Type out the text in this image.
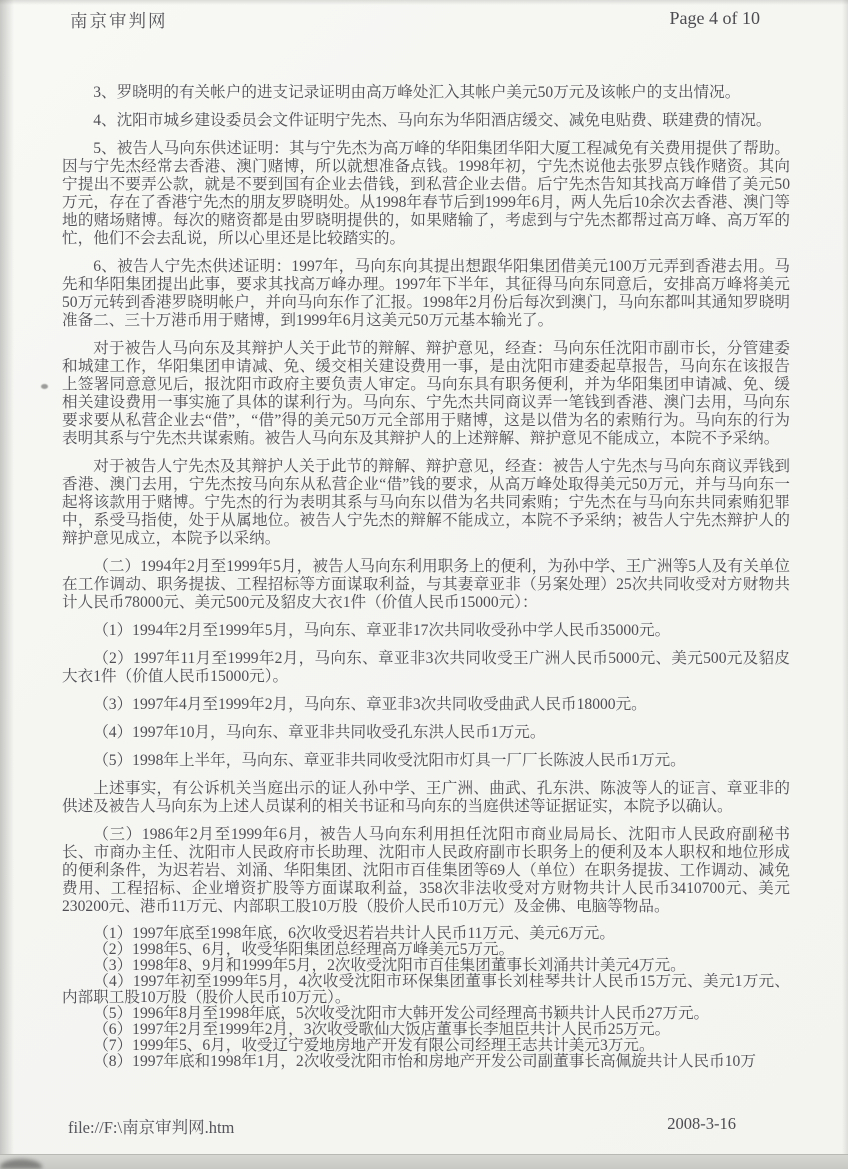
南京审判网	Page 4 of 10

3、罗晓明的有关帐户的进支记录证明由高万峰处汇入其帐户美元50万元及该帐户的支出情况。

4、沈阳市城乡建设委员会文件证明宁先杰、马向东为华阳酒店缓交、减免电贴费、联建费的情况。

5、被告人马向东供述证明：其与宁先杰为高万峰的华阳集团华阳大厦工程减免有关费用提供了帮助。因与宁先杰经常去香港、澳门赌博，所以就想准备点钱。1998年初，宁先杰说他去张罗点钱作赌资。其向宁提出不要弄公款，就是不要到国有企业去借钱，到私营企业去借。后宁先杰告知其找高万峰借了美元50万元，存在了香港宁先杰的朋友罗晓明处。从1998年春节后到1999年6月，两人先后10余次去香港、澳门等地的赌场赌博。每次的赌资都是由罗晓明提供的，如果赌输了，考虑到与宁先杰都帮过高万峰、高万军的忙，他们不会去乱说，所以心里还是比较踏实的。

6、被告人宁先杰供述证明：1997年，马向东向其提出想跟华阳集团借美元100万元弄到香港去用。马先和华阳集团提出此事，要求其找高万峰办理。1997年下半年，其征得马向东同意后，安排高万峰将美元50万元转到香港罗晓明帐户，并向马向东作了汇报。1998年2月份后每次到澳门，马向东都叫其通知罗晓明准备二、三十万港币用于赌博，到1999年6月这美元50万元基本输光了。

对于被告人马向东及其辩护人关于此节的辩解、辩护意见，经查：马向东任沈阳市副市长，分管建委和城建工作，华阳集团申请减、免、缓交相关建设费用一事，是由沈阳市建委起草报告，马向东在该报告上签署同意意见后，报沈阳市政府主要负责人审定。马向东具有职务便利，并为华阳集团申请减、免、缓相关建设费用一事实施了具体的谋利行为。马向东、宁先杰共同商议弄一笔钱到香港、澳门去用，马向东要求要从私营企业去“借”，“借”得的美元50万元全部用于赌博，这是以借为名的索贿行为。马向东的行为表明其系与宁先杰共谋索贿。被告人马向东及其辩护人的上述辩解、辩护意见不能成立，本院不予采纳。

对于被告人宁先杰及其辩护人关于此节的辩解、辩护意见，经查：被告人宁先杰与马向东商议弄钱到香港、澳门去用，宁先杰按马向东从私营企业“借”钱的要求，从高万峰处取得美元50万元，并与马向东一起将该款用于赌博。宁先杰的行为表明其系与马向东以借为名共同索贿；宁先杰在与马向东共同索贿犯罪中，系受马指使，处于从属地位。被告人宁先杰的辩解不能成立，本院不予采纳；被告人宁先杰辩护人的辩护意见成立，本院予以采纳。

（二）1994年2月至1999年5月，被告人马向东利用职务上的便利，为孙中学、王广洲等5人及有关单位在工作调动、职务提拔、工程招标等方面谋取利益，与其妻章亚非（另案处理）25次共同收受对方财物共计人民币78000元、美元500元及貂皮大衣1件（价值人民币15000元）：

（1）1994年2月至1999年5月，马向东、章亚非17次共同收受孙中学人民币35000元。

（2）1997年11月至1999年2月，马向东、章亚非3次共同收受王广洲人民币5000元、美元500元及貂皮大衣1件（价值人民币15000元）。

（3）1997年4月至1999年2月，马向东、章亚非3次共同收受曲武人民币18000元。

（4）1997年10月，马向东、章亚非共同收受孔东洪人民币1万元。

（5）1998年上半年，马向东、章亚非共同收受沈阳市灯具一厂厂长陈波人民币1万元。

上述事实，有公诉机关当庭出示的证人孙中学、王广洲、曲武、孔东洪、陈波等人的证言、章亚非的供述及被告人马向东为上述人员谋利的相关书证和马向东的当庭供述等证据证实，本院予以确认。

（三）1986年2月至1999年6月，被告人马向东利用担任沈阳市商业局局长、沈阳市人民政府副秘书长、市商办主任、沈阳市人民政府市长助理、沈阳市人民政府副市长职务上的便利及本人职权和地位形成的便利条件，为迟若岩、刘涌、华阳集团、沈阳市百佳集团等69人（单位）在职务提拔、工作调动、减免费用、工程招标、企业增资扩股等方面谋取利益，358次非法收受对方财物共计人民币3410700元、美元230200元、港币11万元、内部职工股10万股（股价人民币10万元）及金佛、电脑等物品。

（1）1997年底至1998年底，6次收受迟若岩共计人民币11万元、美元6万元。

（2）1998年5、6月，收受华阳集团总经理高万峰美元5万元。

（3）1998年8、9月和1999年5月，2次收受沈阳市百佳集团董事长刘涌共计美元4万元。

（4）1997年初至1999年5月，4次收受沈阳市环保集团董事长刘桂琴共计人民币15万元、美元1万元、内部职工股10万股（股价人民币10万元）。

（5）1996年8月至1998年底，5次收受沈阳市大韩开发公司经理高书颖共计人民币27万元。

（6）1997年2月至1999年2月，3次收受歌仙大饭店董事长李旭臣共计人民币25万元。

（7）1999年5、6月，收受辽宁爱地房地产开发有限公司经理王志共计美元3万元。

（8）1997年底和1998年1月，2次收受沈阳市怡和房地产开发公司副董事长高佩旋共计人民币10万

file://F:\南京审判网.htm	2008-3-16
